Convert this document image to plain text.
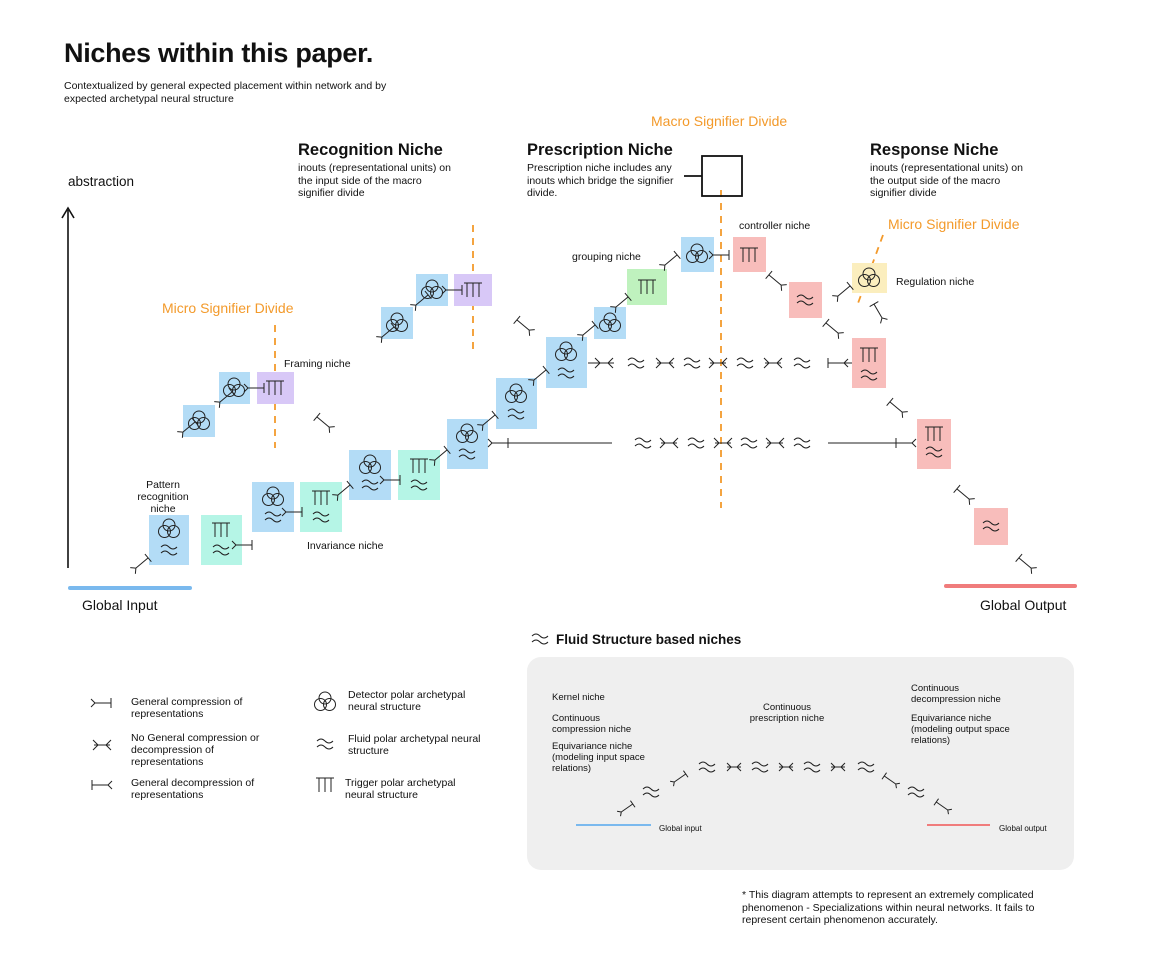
Niches within this paper.
Contextualized by general expected placement within network and by expected archetypal neural structure
Recognition Niche
inouts (representational units) on the input side of the macro signifier divide
Prescription Niche
Prescription niche includes any inouts which bridge the signifier divide.
Response Niche
inouts (representational units) on the output side of the macro signifier divide
Macro Signifier Divide
Micro Signifier Divide
Micro Signifier Divide
abstraction
Global Input	Global Output
Pattern recognition niche
Invariance niche
Framing niche
grouping niche
controller niche
Regulation niche
General compression of representations
No General compression or decompression of representations
General decompression of representations
Detector polar archetypal neural structure
Fluid polar archetypal neural structure
Trigger polar archetypal neural structure
Fluid Structure based niches
Kernel niche
Continuous compression niche
Equivariance niche (modeling input space relations)
Continuous prescription niche
Continuous decompression niche
Equivariance niche (modeling output space relations)
Global input	Global output
* This diagram attempts to represent an extremely complicated phenomenon - Specializations within neural networks. It fails to represent certain phenomenon accurately.
